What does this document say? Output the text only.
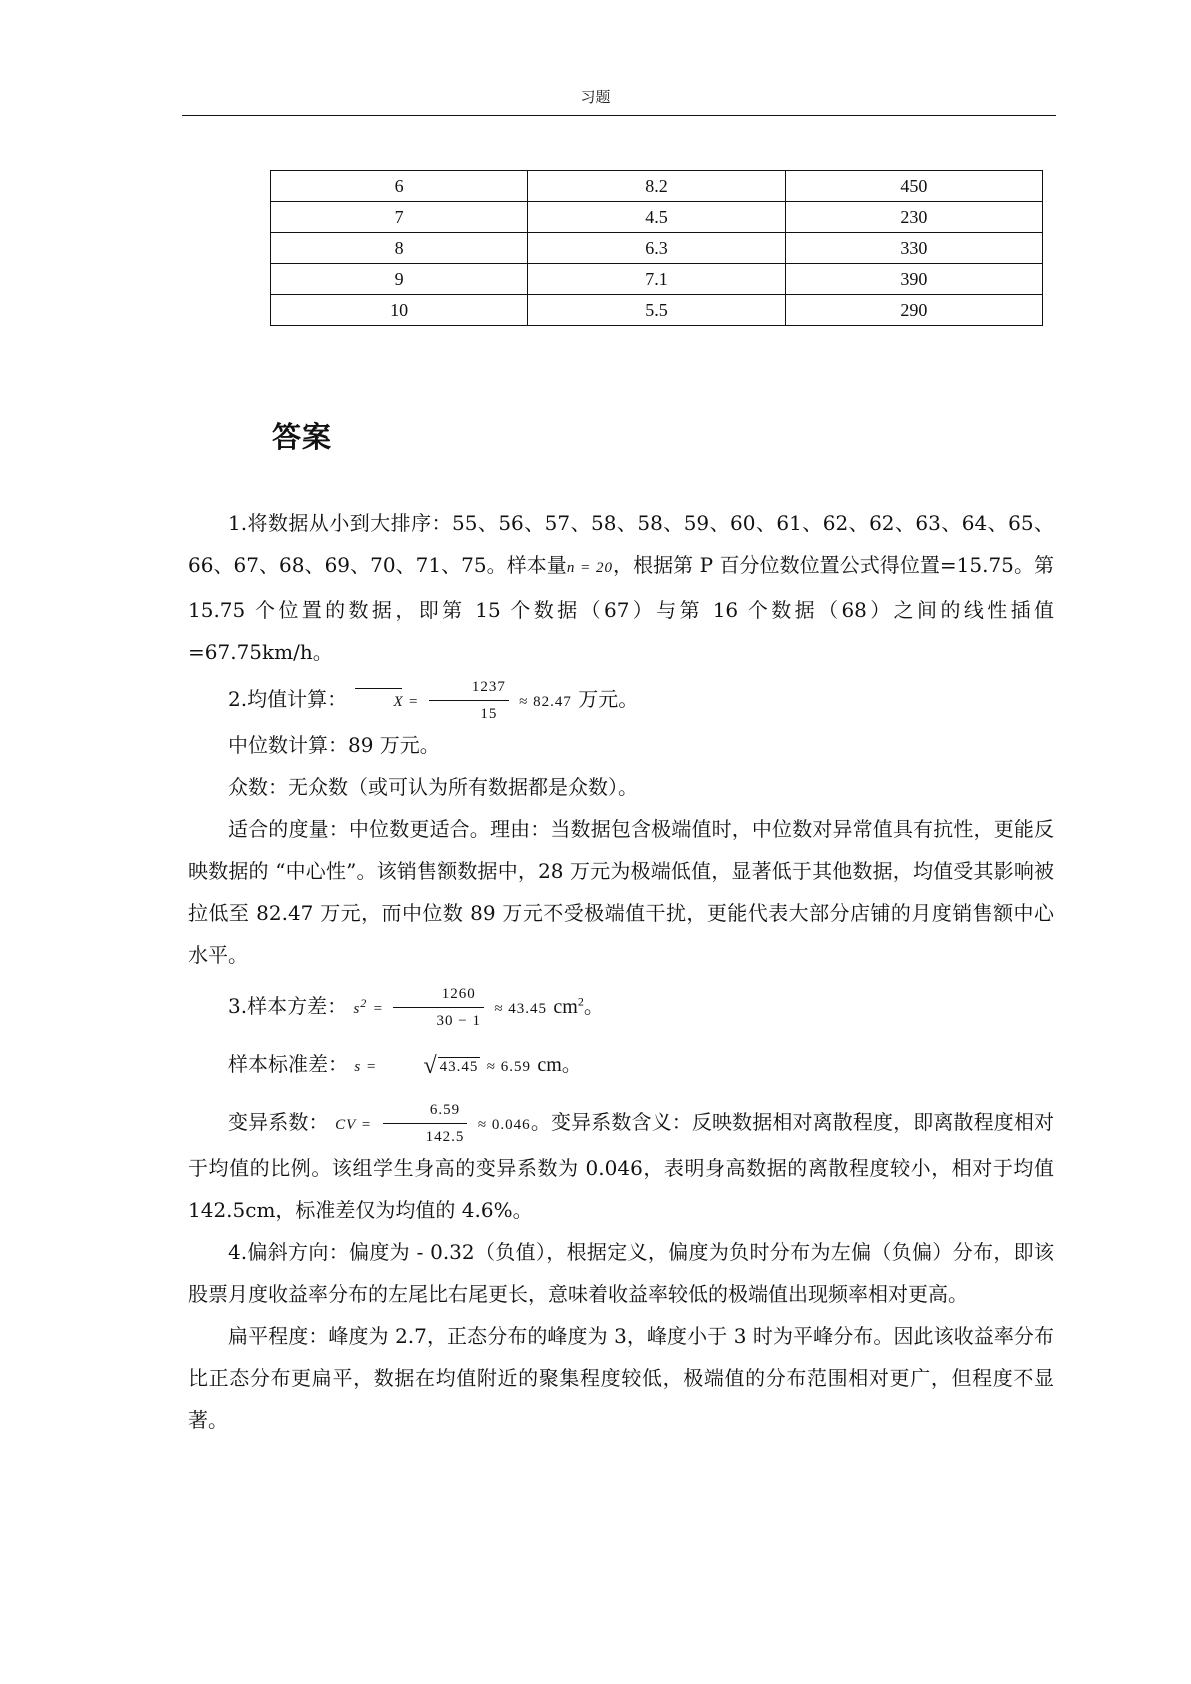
习题
6	8.2	450
7	4.5	230
8	6.3	330
9	7.1	390
10	5.5	290
答案

1.将数据从小到大排序：55、56、57、58、58、59、60、61、62、62、63、64、65、66、67、68、69、70、71、75。样本量n = 20，根据第 P 百分位数位置公式得位置=15.75。第 15.75 个位置的数据，即第 15 个数据（67）与第 16 个数据（68）之间的线性插值=67.75km/h。

2.均值计算：	$X = \frac{1237}{15} \approx 82.47$ 万元。

中位数计算：89 万元。

众数：无众数（或可认为所有数据都是众数）。

适合的度量：中位数更适合。理由：当数据包含极端值时，中位数对异常值具有抗性，更能反映数据的 “中心性”。该销售额数据中，28 万元为极端低值，显著低于其他数据，均值受其影响被拉低至 82.47 万元，而中位数 89 万元不受极端值干扰，更能代表大部分店铺的月度销售额中心水平。

3.样本方差： $s^2 = \frac{1260}{30 - 1} \approx 43.45$ $cm^2$。

样本标准差： s = √ 43.45 ≈ 6.59 cm。

变异系数： CV = $\frac{6.59}{142.5} \approx 0.046$。变异系数含义：反映数据相对离散程度，即离散程度相对于均值的比例。该组学生身高的变异系数为 0.046，表明身高数据的离散程度较小，相对于均值 142.5cm，标准差仅为均值的 4.6%。

4.偏斜方向：偏度为 - 0.32（负值），根据定义，偏度为负时分布为左偏（负偏）分布，即该股票月度收益率分布的左尾比右尾更长，意味着收益率较低的极端值出现频率相对更高。

扁平程度：峰度为 2.7，正态分布的峰度为 3，峰度小于 3 时为平峰分布。因此该收益率分布比正态分布更扁平，数据在均值附近的聚集程度较低，极端值的分布范围相对更广，但程度不显著。
